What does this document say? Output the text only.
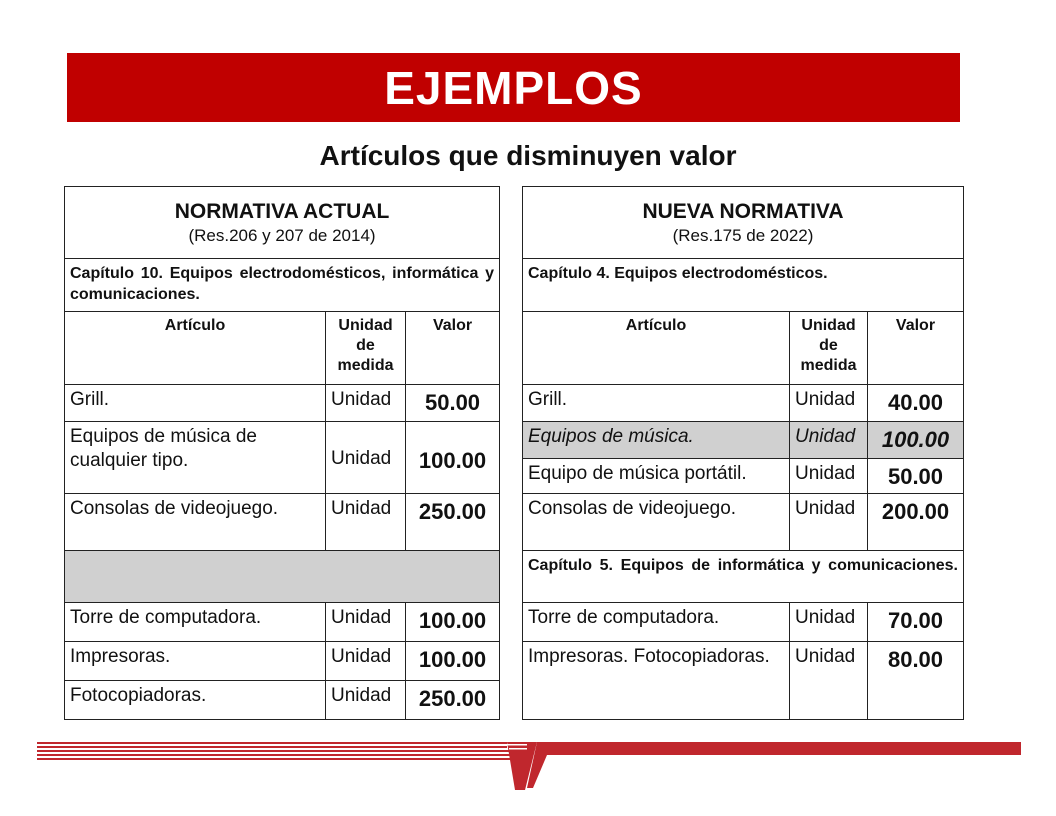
EJEMPLOS
Artículos que disminuyen valor
NORMATIVA ACTUAL
(Res.206 y 207 de 2014)		

Capítulo 10. Equipos electrodomésticos, informática y comunicaciones.		
Artículo	Unidad de medida	Valor
Grill.	Unidad	50.00
Equipos de música de cualquier tipo.	Unidad	100.00
Consolas de videojuego.	Unidad	250.00

Torre de computadora.	Unidad	100.00
Impresoras.	Unidad	100.00
Fotocopiadoras.	Unidad	250.00
NUEVA NORMATIVA
(Res.175 de 2022)		

Capítulo 4. Equipos electrodomésticos.		
Artículo	Unidad de medida	Valor
Grill.	Unidad	40.00
Equipos de música.	Unidad	100.00
Equipo de música portátil.	Unidad	50.00
Consolas de videojuego.	Unidad	200.00
Capítulo 5. Equipos de informática y comunicaciones.		
Torre de computadora.	Unidad	70.00
Impresoras. Fotocopiadoras.	Unidad	80.00
